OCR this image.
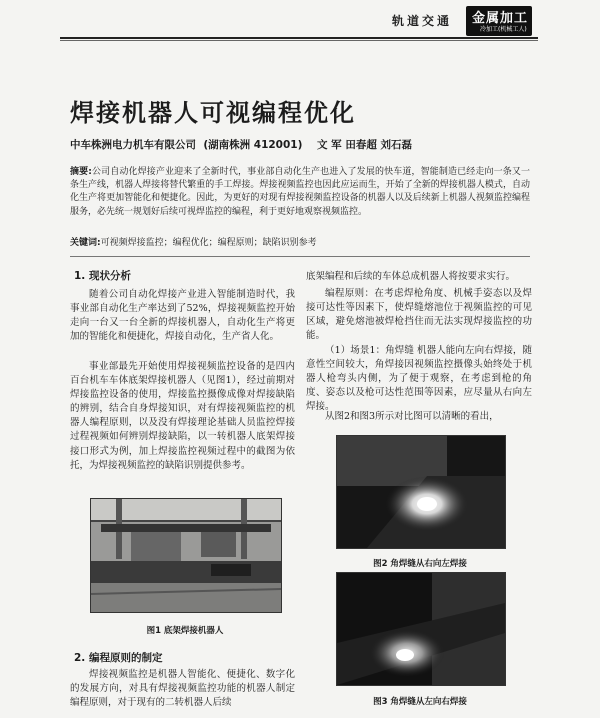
轨道交通 金属加工
冷加工(机械工人)
焊接机器人可视编程优化
中车株洲电力机车有限公司 (湖南株洲 412001) 文 军 田春超 刘石磊

摘要:公司自动化焊接产业迎来了全新时代，事业部自动化生产也进入了发展的快车道，智能制造已经走向一条又一条生产线，机器人焊接将替代繁重的手工焊接。焊接视频监控也因此应运而生，开始了全新的焊接机器人模式，自动化生产将更加智能化和便捷化。因此，为更好的对现有焊接视频监控设备的机器人以及后续新上机器人视频监控编程服务，必先统一规划好后续可视焊监控的编程，利于更好地观察视频监控。

关键词:可视频焊接监控；编程优化；编程原则；缺陷识别参考

1. 现状分析

随着公司自动化焊接产业进入智能制造时代，我事业部自动化生产率达到了52%，焊接视频监控开始走向一台又一台全新的焊接机器人，自动化生产将更加的智能化和便捷化，焊接自动化，生产省人化。

事业部最先开始使用焊接视频监控设备的是四内百台机车车体底架焊接机器人（见图1），经过前期对焊接监控设备的使用，焊接监控摄像成像对焊接缺陷的辨别，结合自身焊接知识，对有焊接视频监控的机器人编程原则，以及没有焊接理论基础人员监控焊接过程视频如何辨别焊接缺陷，以一转机器人底架焊接接口形式为例，加上焊接监控视频过程中的截图为依托，为焊接视频监控的缺陷识别提供参考。

图1 底架焊接机器人
2. 编程原则的制定

焊接视频监控是机器人智能化、便捷化、数字化的发展方向，对具有焊接视频监控功能的机器人制定编程原则，对于现有的二转机器人后续

底架编程和后续的车体总成机器人将按要求实行。

编程原则：在考虑焊枪角度、机械手姿态以及焊接可达性等因素下，使焊缝熔池位于视频监控的可见区域，避免熔池被焊枪挡住而无法实现焊接监控的功能。

（1）场景1：角焊缝 机器人能向左向右焊接，随意性空间较大，角焊接因视频监控摄像头始终处于机器人枪弯头内侧，为了便于观察，在考虑到枪的角度、姿态以及枪可达性范围等因素，应尽量从右向左焊接。

从图2和图3所示对比图可以清晰的看出，

图2 角焊缝从右向左焊接
图3 角焊缝从左向右焊接
